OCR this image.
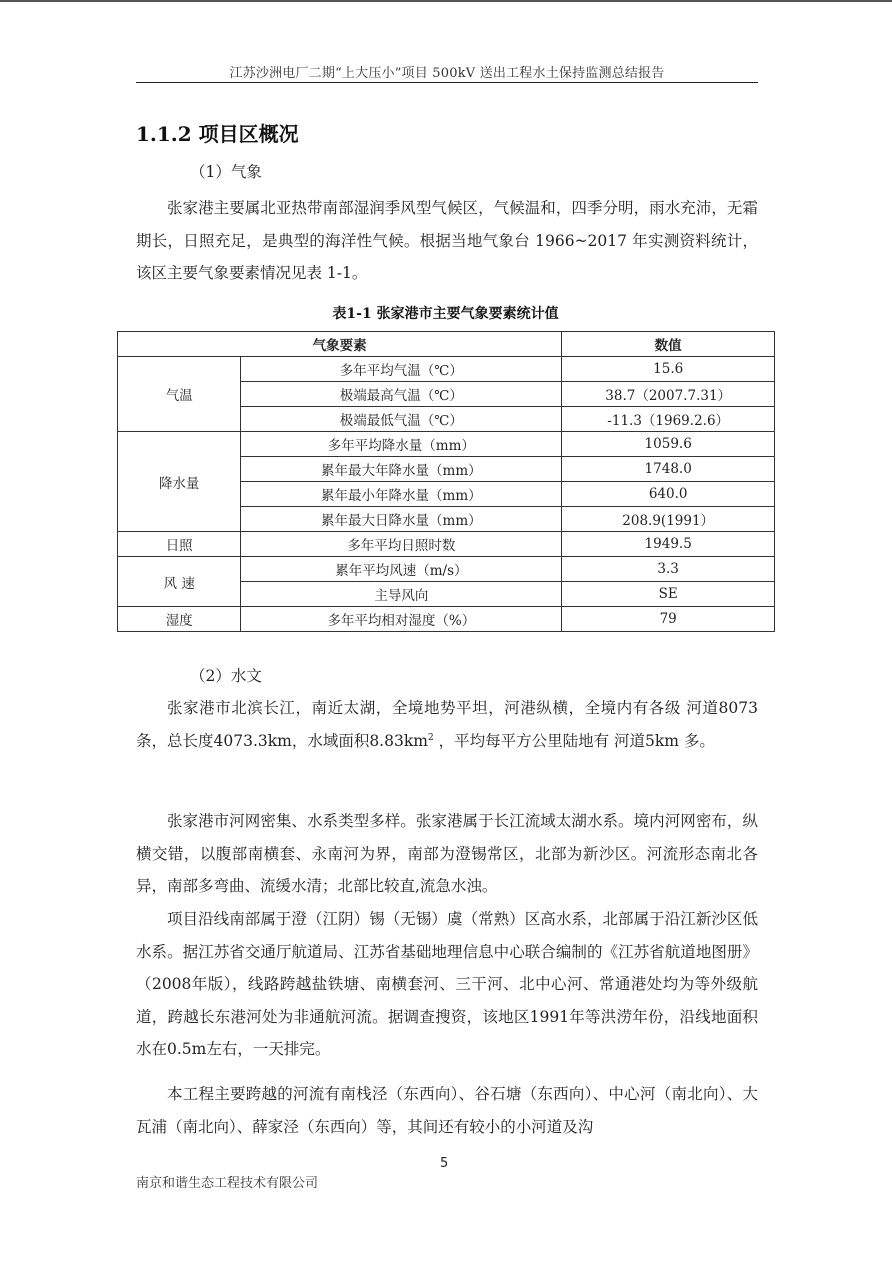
江苏沙洲电厂二期“上大压小”项目 500kV 送出工程水土保持监测总结报告
1.1.2 项目区概况
（1）气象

张家港主要属北亚热带南部湿润季风型气候区，气候温和，四季分明，雨水充沛，无霜期长，日照充足，是典型的海洋性气候。根据当地气象台 1966~2017 年实测资料统计，该区主要气象要素情况见表 1-1。

表1-1 张家港市主要气象要素统计值
气象要素		数值
气温	多年平均气温（℃）	15.6
	极端最高气温（℃）	38.7（2007.7.31）
	极端最低气温（℃）	-11.3（1969.2.6）
降水量	多年平均降水量（mm）	1059.6
	累年最大年降水量（mm）	1748.0
	累年最小年降水量（mm）	640.0
	累年最大日降水量（mm）	208.9(1991）
日照	多年平均日照时数	1949.5
风 速	累年平均风速（m/s）	3.3
	主导风向	SE
湿度	多年平均相对湿度（%）	79
（2）水文

张家港市北滨长江，南近太湖，全境地势平坦，河港纵横，全境内有各级 河道8073条，总长度4073.3km，水域面积$8.83km^2$ ，平均每平方公里陆地有 河道5km 多。

张家港市河网密集、水系类型多样。张家港属于长江流域太湖水系。境内河网密布，纵横交错，以腹部南横套、永南河为界，南部为澄锡常区，北部为新沙区。河流形态南北各异，南部多弯曲、流缓水清；北部比较直,流急水浊。

项目沿线南部属于澄（江阴）锡（无锡）虞（常熟）区高水系，北部属于沿江新沙区低水系。据江苏省交通厅航道局、江苏省基础地理信息中心联合编制的《江苏省航道地图册》（2008年版），线路跨越盐铁塘、南横套河、三干河、北中心河、常通港处均为等外级航道，跨越长东港河处为非通航河流。据调查搜资，该地区1991年等洪涝年份，沿线地面积水在0.5m左右，一天排完。

本工程主要跨越的河流有南栈泾（东西向）、谷石塘（东西向）、中心河（南北向）、大瓦浦（南北向）、薛家泾（东西向）等，其间还有较小的小河道及沟

5
南京和谐生态工程技术有限公司
